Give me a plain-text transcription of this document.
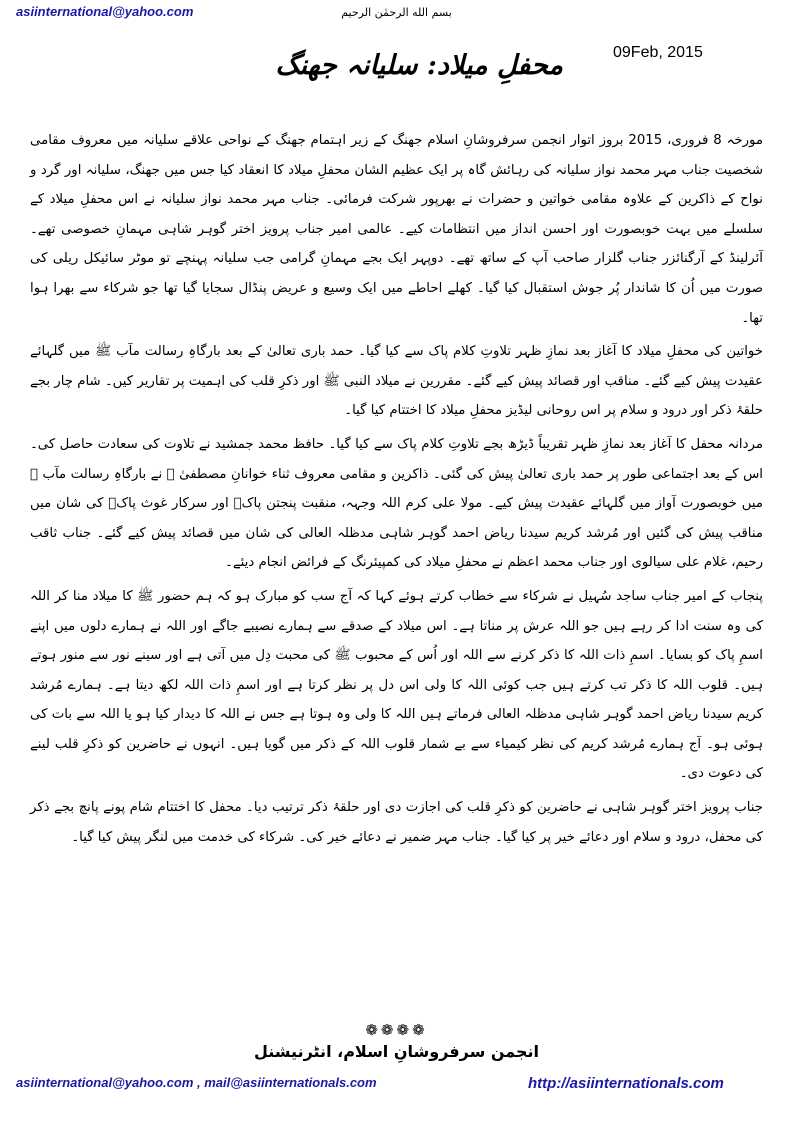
asiinternational@yahoo.com	بسم الله الرحمٰن الرحیم
محفلِ میلاد: سلیانہ جھنگ	09Feb, 2015

مورخہ 8 فروری، 2015 بروز اتوار انجمن سرفروشانِ اسلام جھنگ کے زیر اہتمام جھنگ کے نواحی علاقے سلیانہ میں معروف مقامی شخصیت جناب مہر محمد نواز سلیانہ کی رہائش گاہ پر ایک عظیم الشان محفلِ میلاد کا انعقاد کیا جس میں جھنگ، سلیانہ اور گرد و نواح کے ذاکرین کے علاوہ مقامی خواتین و حضرات نے بھرپور شرکت فرمائی۔ جناب مہر محمد نواز سلیانہ نے اس محفلِ میلاد کے سلسلے میں بہت خوبصورت اور احسن انداز میں انتظامات کیے۔ عالمی امیر جناب پرویز اختر گوہر شاہی مہمانِ خصوصی تھے۔ آئرلینڈ کے آرگنائزر جناب گلزار صاحب آپ کے ساتھ تھے۔ دوپہر ایک بجے مہمانِ گرامی جب سلیانہ پہنچے تو موٹر سائیکل ریلی کی صورت میں اُن کا شاندار پُر جوش استقبال کیا گیا۔ کھلے احاطے میں ایک وسیع و عریض پنڈال سجایا گیا تھا جو شرکاء سے بھرا ہوا تھا۔

خواتین کی محفلِ میلاد کا آغاز بعد نمازِ ظہر تلاوتِ کلام پاک سے کیا گیا۔ حمد باری تعالیٰ کے بعد بارگاہِ رسالت مآب ﷺ میں گلہائے عقیدت پیش کیے گئے۔ مناقب اور قصائد پیش کیے گئے۔ مقررین نے میلاد النبی ﷺ اور ذکرِ قلب کی اہمیت پر تقاریر کیں۔ شام چار بجے حلقۂ ذکر اور درود و سلام پر اس روحانی لیڈیز محفلِ میلاد کا اختتام کیا گیا۔

مردانہ محفل کا آغاز بعد نمازِ ظہر تقریباً ڈیڑھ بجے تلاوتِ کلام پاک سے کیا گیا۔ حافظ محمد جمشید نے تلاوت کی سعادت حاصل کی۔ اس کے بعد اجتماعی طور پر حمد باری تعالیٰ پیش کی گئی۔ ذاکرین و مقامی معروف ثناء خوانانِ مصطفیٰ ﷺ نے بارگاہِ رسالت مآب ﷺ میں خوبصورت آواز میں گلہائے عقیدت پیش کیے۔ مولا علی کرم اللہ وجہہ، منقبت پنجتن پاکؑ اور سرکار غوث پاکؓ کی شان میں مناقب پیش کی گئیں اور مُرشد کریم سیدنا ریاض احمد گوہر شاہی مدظلہ العالی کی شان میں قصائد پیش کیے گئے۔ جناب ثاقب رحیم، غلام علی سیالوی اور جناب محمد اعظم نے محفلِ میلاد کی کمپیئرنگ کے فرائض انجام دیئے۔

پنجاب کے امیر جناب ساجد سُہیل نے شرکاء سے خطاب کرتے ہوئے کہا کہ آج سب کو مبارک ہو کہ ہم حضور ﷺ کا میلاد منا کر اللہ کی وہ سنت ادا کر رہے ہیں جو اللہ عرش پر مناتا ہے۔ اس میلاد کے صدقے سے ہمارے نصیبے جاگے اور اللہ نے ہمارے دلوں میں اپنے اسمِ پاک کو بسایا۔ اسمِ ذات اللہ کا ذکر کرنے سے اللہ اور اُس کے محبوب ﷺ کی محبت دِل میں آتی ہے اور سینے نور سے منور ہوتے ہیں۔ قلوب اللہ کا ذکر تب کرتے ہیں جب کوئی اللہ کا ولی اس دل پر نظر کرتا ہے اور اسمِ ذات اللہ لکھ دیتا ہے۔ ہمارے مُرشد کریم سیدنا ریاض احمد گوہر شاہی مدظلہ العالی فرماتے ہیں اللہ کا ولی وہ ہوتا ہے جس نے اللہ کا دیدار کیا ہو یا اللہ سے بات کی ہوئی ہو۔ آج ہمارے مُرشد کریم کی نظر کیمیاء سے بے شمار قلوب اللہ کے ذکر میں گویا ہیں۔ انہوں نے حاضرین کو ذکرِ قلب لینے کی دعوت دی۔

جناب پرویز اختر گوہر شاہی نے حاضرین کو ذکرِ قلب کی اجازت دی اور حلقۂ ذکر ترتیب دیا۔ محفل کا اختتام شام پونے پانچ بجے ذکر کی محفل، درود و سلام اور دعائے خیر پر کیا گیا۔ جناب مہر ضمیر نے دعائے خیر کی۔ شرکاء کی خدمت میں لنگر پیش کیا گیا۔

❁❁❁❁
انجمن سرفروشانِ اسلام، انٹرنیشنل
asiinternational@yahoo.com , mail@asiinternationals.com	http://asiinternationals.com
